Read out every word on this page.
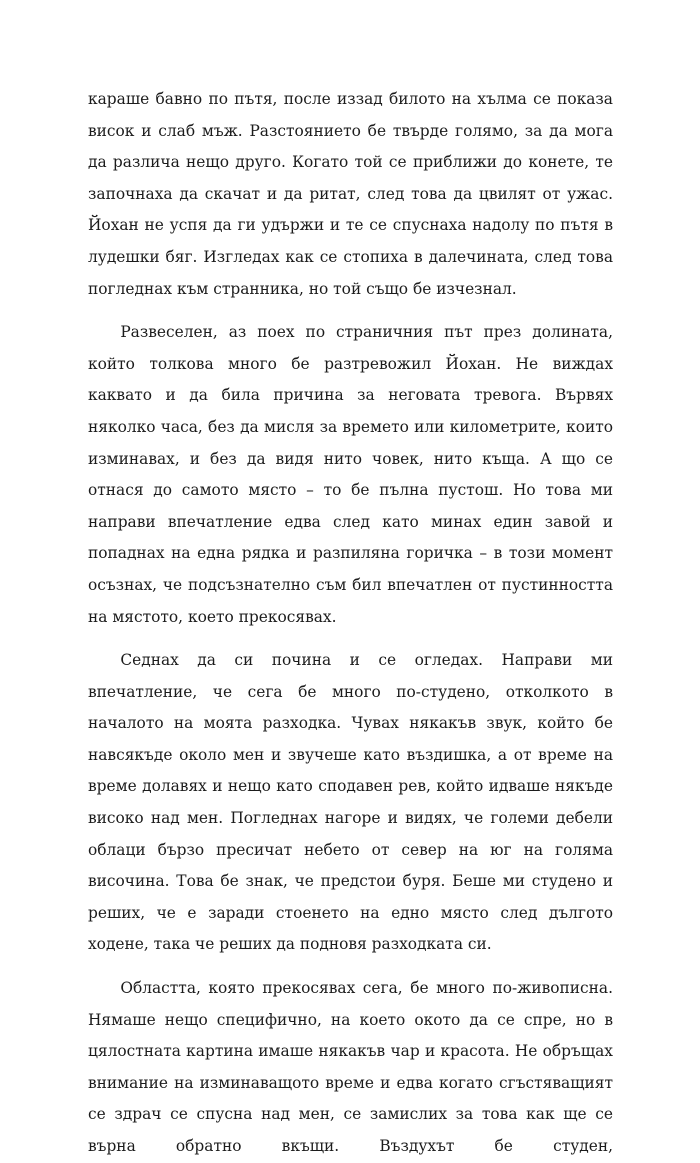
караше бавно по пътя, после иззад билото на хълма се показа висок и слаб мъж. Разстоянието бе твърде голямо, за да мога да различа нещо друго. Когато той се приближи до конете, те започнаха да скачат и да ритат, след това да цвилят от ужас. Йохан не успя да ги удържи и те се спуснаха надолу по пътя в лудешки бяг. Изгледах как се стопиха в далечината, след това погледнах към странника, но той също бе изчезнал.

Развеселен, аз поех по страничния път през долината, който толкова много бе разтревожил Йохан. Не виждах каквато и да била причина за неговата тревога. Вървях няколко часа, без да мисля за времето или километрите, които изминавах, и без да видя нито човек, нито къща. А що се отнася до самото място – то бе пълна пустош. Но това ми направи впечатление едва след като минах един завой и попаднах на една рядка и разпиляна горичка – в този момент осъзнах, че подсъзнателно съм бил впечатлен от пустинността на мястото, което прекосявах.

Седнах да си почина и се огледах. Направи ми впечатление, че сега бе много по-студено, отколкото в началото на моята разходка. Чувах някакъв звук, който бе навсякъде около мен и звучеше като въздишка, а от време на време долавях и нещо като сподавен рев, който идваше някъде високо над мен. Погледнах нагоре и видях, че големи дебели облаци бързо пресичат небето от север на юг на голяма височина. Това бе знак, че предстои буря. Беше ми студено и реших, че е заради стоенето на едно място след дългото ходене, така че реших да подновя разходката си.

Областта, която прекосявах сега, бе много по-живописна. Нямаше нещо специфично, на което окото да се спре, но в цялостната картина имаше някакъв чар и красота. Не обръщах внимание на изминаващото време и едва когато сгъстяващият се здрач се спусна над мен, се замислих за това как ще се върна обратно вкъщи. Въздухът бе студен,
